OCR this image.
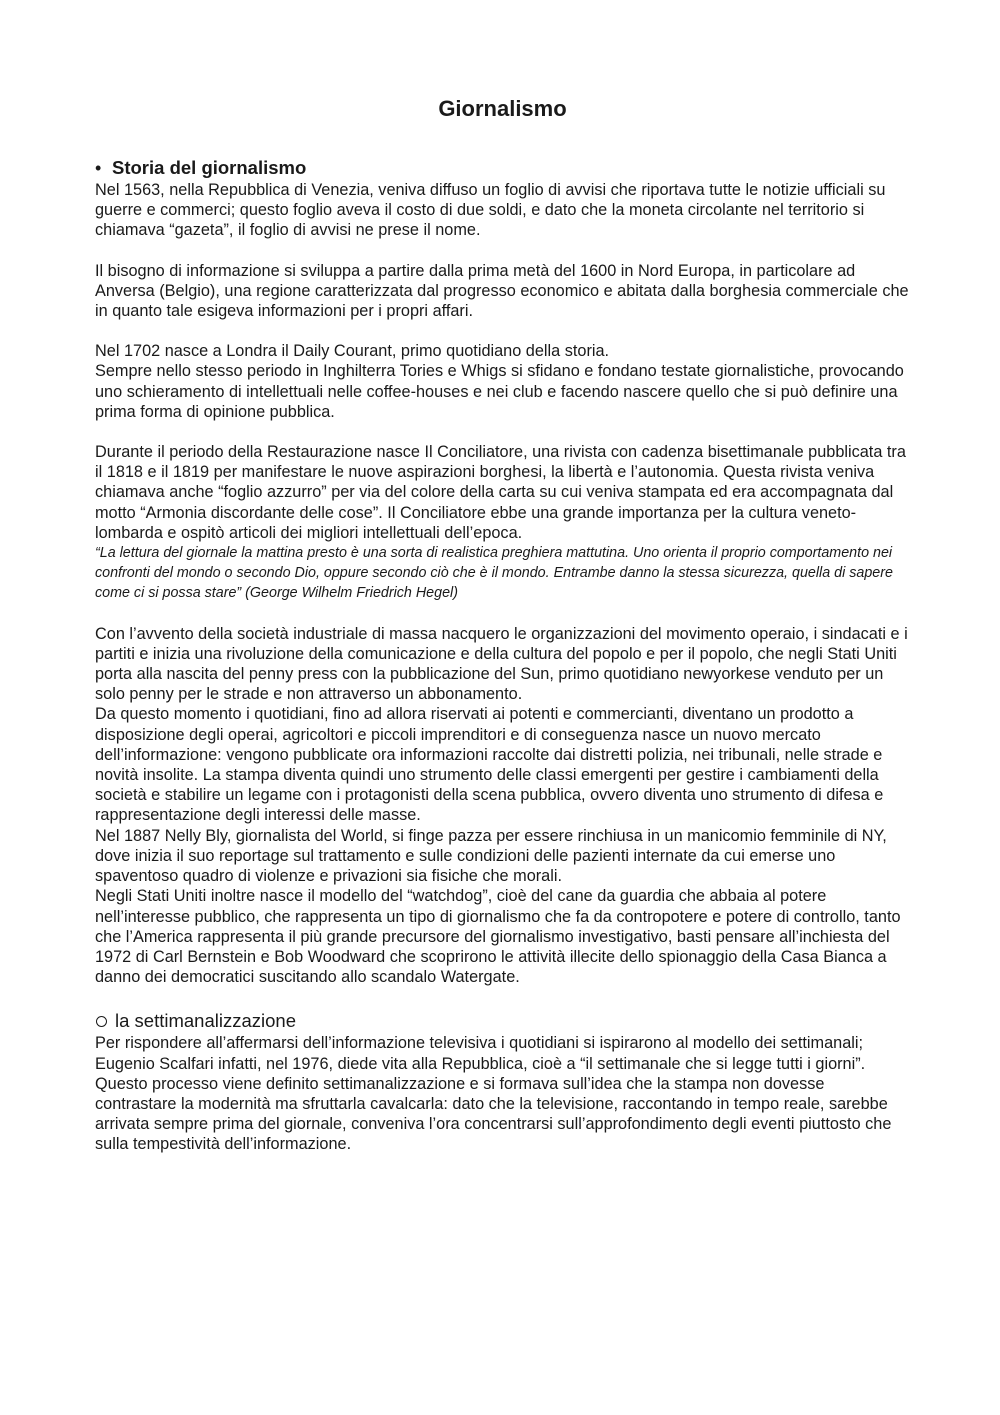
Giornalismo
• Storia del giornalismo

Nel 1563, nella Repubblica di Venezia, veniva diffuso un foglio di avvisi che riportava tutte le notizie ufficiali su guerre e commerci; questo foglio aveva il costo di due soldi, e dato che la moneta circolante nel territorio si chiamava “gazeta”, il foglio di avvisi ne prese il nome.

Il bisogno di informazione si sviluppa a partire dalla prima metà del 1600 in Nord Europa, in particolare ad Anversa (Belgio), una regione caratterizzata dal progresso economico e abitata dalla borghesia commerciale che in quanto tale esigeva informazioni per i propri affari.

Nel 1702 nasce a Londra il Daily Courant, primo quotidiano della storia.

Sempre nello stesso periodo in Inghilterra Tories e Whigs si sfidano e fondano testate giornalistiche, provocando uno schieramento di intellettuali nelle coffee-houses e nei club e facendo nascere quello che si può definire una prima forma di opinione pubblica.

Durante il periodo della Restaurazione nasce Il Conciliatore, una rivista con cadenza bisettimanale pubblicata tra il 1818 e il 1819 per manifestare le nuove aspirazioni borghesi, la libertà e l’autonomia. Questa rivista veniva chiamava anche “foglio azzurro” per via del colore della carta su cui veniva stampata ed era accompagnata dal motto “Armonia discordante delle cose”. Il Conciliatore ebbe una grande importanza per la cultura veneto-lombarda e ospitò articoli dei migliori intellettuali dell’epoca.

“La lettura del giornale la mattina presto è una sorta di realistica preghiera mattutina. Uno orienta il proprio comportamento nei confronti del mondo o secondo Dio, oppure secondo ciò che è il mondo. Entrambe danno la stessa sicurezza, quella di sapere come ci si possa stare” (George Wilhelm Friedrich Hegel)

Con l’avvento della società industriale di massa nacquero le organizzazioni del movimento operaio, i sindacati e i partiti e inizia una rivoluzione della comunicazione e della cultura del popolo e per il popolo, che negli Stati Uniti porta alla nascita del penny press con la pubblicazione del Sun, primo quotidiano newyorkese venduto per un solo penny per le strade e non attraverso un abbonamento.

Da questo momento i quotidiani, fino ad allora riservati ai potenti e commercianti, diventano un prodotto a disposizione degli operai, agricoltori e piccoli imprenditori e di conseguenza nasce un nuovo mercato dell’informazione: vengono pubblicate ora informazioni raccolte dai distretti polizia, nei tribunali, nelle strade e novità insolite. La stampa diventa quindi uno strumento delle classi emergenti per gestire i cambiamenti della società e stabilire un legame con i protagonisti della scena pubblica, ovvero diventa uno strumento di difesa e rappresentazione degli interessi delle masse.

Nel 1887 Nelly Bly, giornalista del World, si finge pazza per essere rinchiusa in un manicomio femminile di NY, dove inizia il suo reportage sul trattamento e sulle condizioni delle pazienti internate da cui emerse uno spaventoso quadro di violenze e privazioni sia fisiche che morali.

Negli Stati Uniti inoltre nasce il modello del “watchdog”, cioè del cane da guardia che abbaia al potere nell’interesse pubblico, che rappresenta un tipo di giornalismo che fa da contropotere e potere di controllo, tanto che l’America rappresenta il più grande precursore del giornalismo investigativo, basti pensare all’inchiesta del 1972 di Carl Bernstein e Bob Woodward che scoprirono le attività illecite dello spionaggio della Casa Bianca a danno dei democratici suscitando allo scandalo Watergate.

la settimanalizzazione

Per rispondere all’affermarsi dell’informazione televisiva i quotidiani si ispirarono al modello dei settimanali; Eugenio Scalfari infatti, nel 1976, diede vita alla Repubblica, cioè a “il settimanale che si legge tutti i giorni”. Questo processo viene definito settimanalizzazione e si formava sull’idea che la stampa non dovesse contrastare la modernità ma sfruttarla cavalcarla: dato che la televisione, raccontando in tempo reale, sarebbe arrivata sempre prima del giornale, conveniva l’ora concentrarsi sull’approfondimento degli eventi piuttosto che sulla tempestività dell’informazione.
